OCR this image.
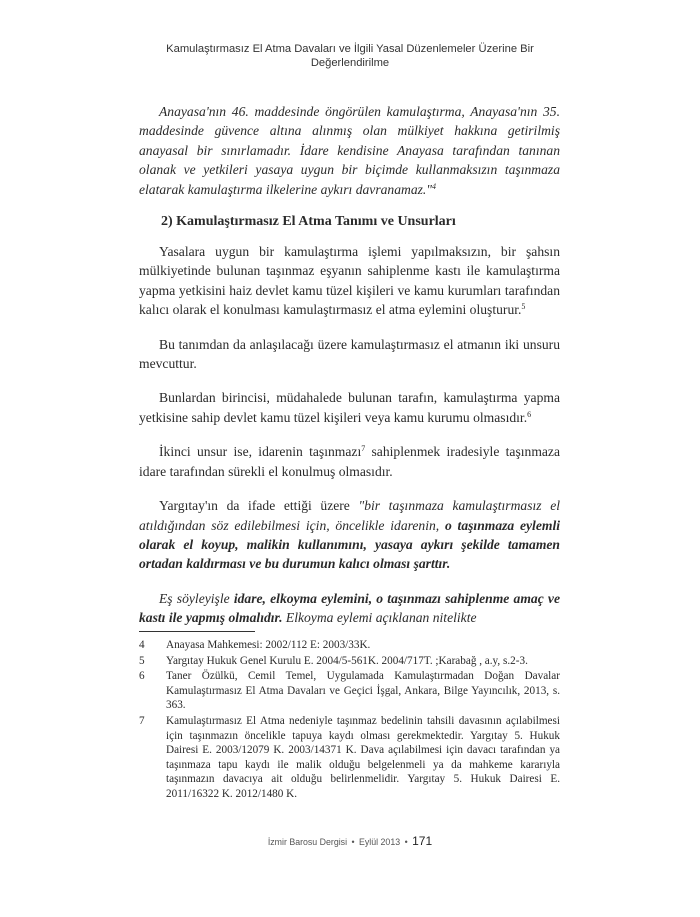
Kamulaştırmasız El Atma Davaları ve İlgili Yasal Düzenlemeler Üzerine Bir
Değerlendirilme

Anayasa'nın 46. maddesinde öngörülen kamulaştırma, Anayasa'nın 35. maddesinde güvence altına alınmış olan mülkiyet hakkına getirilmiş anayasal bir sınırlamadır. İdare kendisine Anayasa tarafından tanınan olanak ve yetkileri yasaya uygun bir biçimde kullanmaksızın taşınmaza elatarak kamulaştırma ilkelerine aykırı davranamaz."$^4$

2) Kamulaştırmasız El Atma Tanımı ve Unsurları

Yasalara uygun bir kamulaştırma işlemi yapılmaksızın, bir şahsın mülkiyetinde bulunan taşınmaz eşyanın sahiplenme kastı ile kamulaştırma yapma yetkisini haiz devlet kamu tüzel kişileri ve kamu kurumları tarafından kalıcı olarak el konulması kamulaştırmasız el atma eylemini oluşturur.$^5$

Bu tanımdan da anlaşılacağı üzere kamulaştırmasız el atmanın iki unsuru mevcuttur.

Bunlardan birincisi, müdahalede bulunan tarafın, kamulaştırma yapma yetkisine sahip devlet kamu tüzel kişileri veya kamu kurumu olmasıdır.$^6$

İkinci unsur ise, idarenin taşınmazı$^7$ sahiplenmek iradesiyle taşınmaza idare tarafından sürekli el konulmuş olmasıdır.

Yargıtay'ın da ifade ettiği üzere "bir taşınmaza kamulaştırmasız el atıldığından söz edilebilmesi için, öncelikle idarenin, o taşınmaza eylemli olarak el koyup, malikin kullanımını, yasaya aykırı şekilde tamamen ortadan kaldırması ve bu durumun kalıcı olması şarttır.

Eş söyleyişle idare, elkoyma eylemini, o taşınmazı sahiplenme amaç ve kastı ile yapmış olmalıdır. Elkoyma eylemi açıklanan nitelikte

4	Anayasa Mahkemesi: 2002/112 E: 2003/33K.
5	Yargıtay Hukuk Genel Kurulu E. 2004/5-561K. 2004/717T. ;Karabağ , a.y, s.2-3.
6	Taner Özülkü, Cemil Temel, Uygulamada Kamulaştırmadan Doğan Davalar Kamulaştırmasız El Atma Davaları ve Geçici İşgal, Ankara, Bilge Yayıncılık, 2013, s. 363.
7	Kamulaştırmasız El Atma nedeniyle taşınmaz bedelinin tahsili davasının açılabilmesi için taşınmazın öncelikle tapuya kaydı olması gerekmektedir. Yargıtay 5. Hukuk Dairesi E. 2003/12079 K. 2003/14371 K. Dava açılabilmesi için davacı tarafından ya taşınmaza tapu kaydı ile malik olduğu belgelenmeli ya da mahkeme kararıyla taşınmazın davacıya ait olduğu belirlenmelidir. Yargıtay 5. Hukuk Dairesi E. 2011/16322 K. 2012/1480 K.
İzmir Barosu Dergisi • Eylül 2013 • 171
